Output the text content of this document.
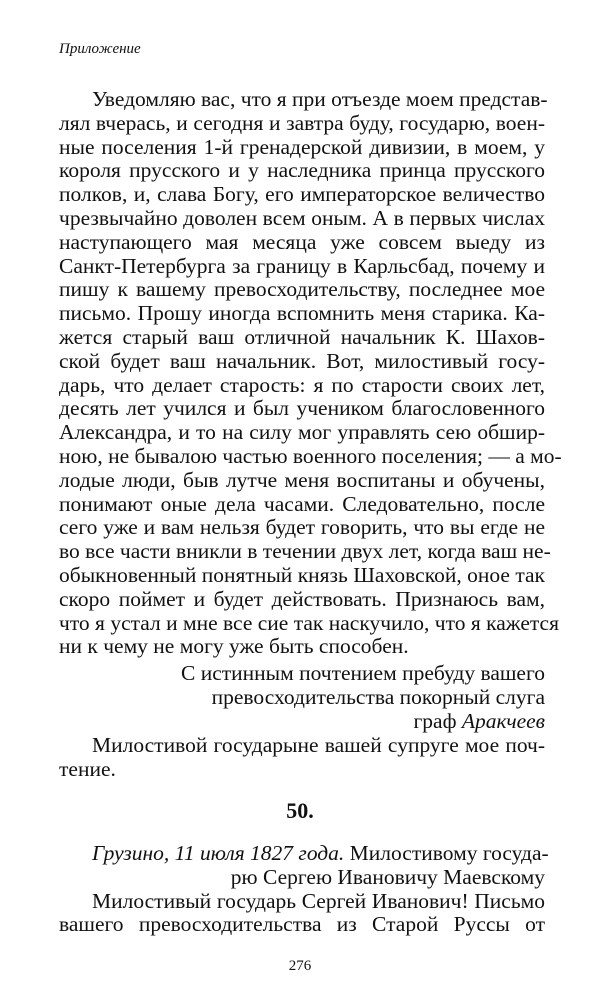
Приложение
Уведомляю вас, что я при отъезде моем представ-
лял вчерась, и сегодня и завтра буду, государю, воен-
ные поселения 1-й гренадерской дивизии, в моем, у
короля прусского и у наследника принца прусского
полков, и, слава Богу, его императорское величество
чрезвычайно доволен всем оным. А в первых числах
наступающего мая месяца уже совсем выеду из
Санкт-Петербурга за границу в Карльсбад, почему и
пишу к вашему превосходительству, последнее мое
письмо. Прошу иногда вспомнить меня старика. Ка-
жется старый ваш отличной начальник К. Шахов-
ской будет ваш начальник. Вот, милостивый госу-
дарь, что делает старость: я по старости своих лет,
десять лет учился и был учеником благословенного
Александра, и то на силу мог управлять сею обшир-
ною, не бывалою частью военного поселения; — а мо-
лодые люди, быв лутче меня воспитаны и обучены,
понимают оные дела часами. Следовательно, после
сего уже и вам нельзя будет говорить, что вы егде не
во все части вникли в течении двух лет, когда ваш не-
обыкновенный понятный князь Шаховской, оное так
скоро поймет и будет действовать. Признаюсь вам,
что я устал и мне все сие так наскучило, что я кажется
ни к чему не могу уже быть способен.
С истинным почтением пребуду вашего
превосходительства покорный слуга
граф Аракчеев
Милостивой государыне вашей супруге мое поч-
тение.
50.
Грузино, 11 июля 1827 года. Милостивому госуда-
рю Сергею Ивановичу Маевскому
Милостивый государь Сергей Иванович! Письмо
вашего превосходительства из Старой Руссы от
276
